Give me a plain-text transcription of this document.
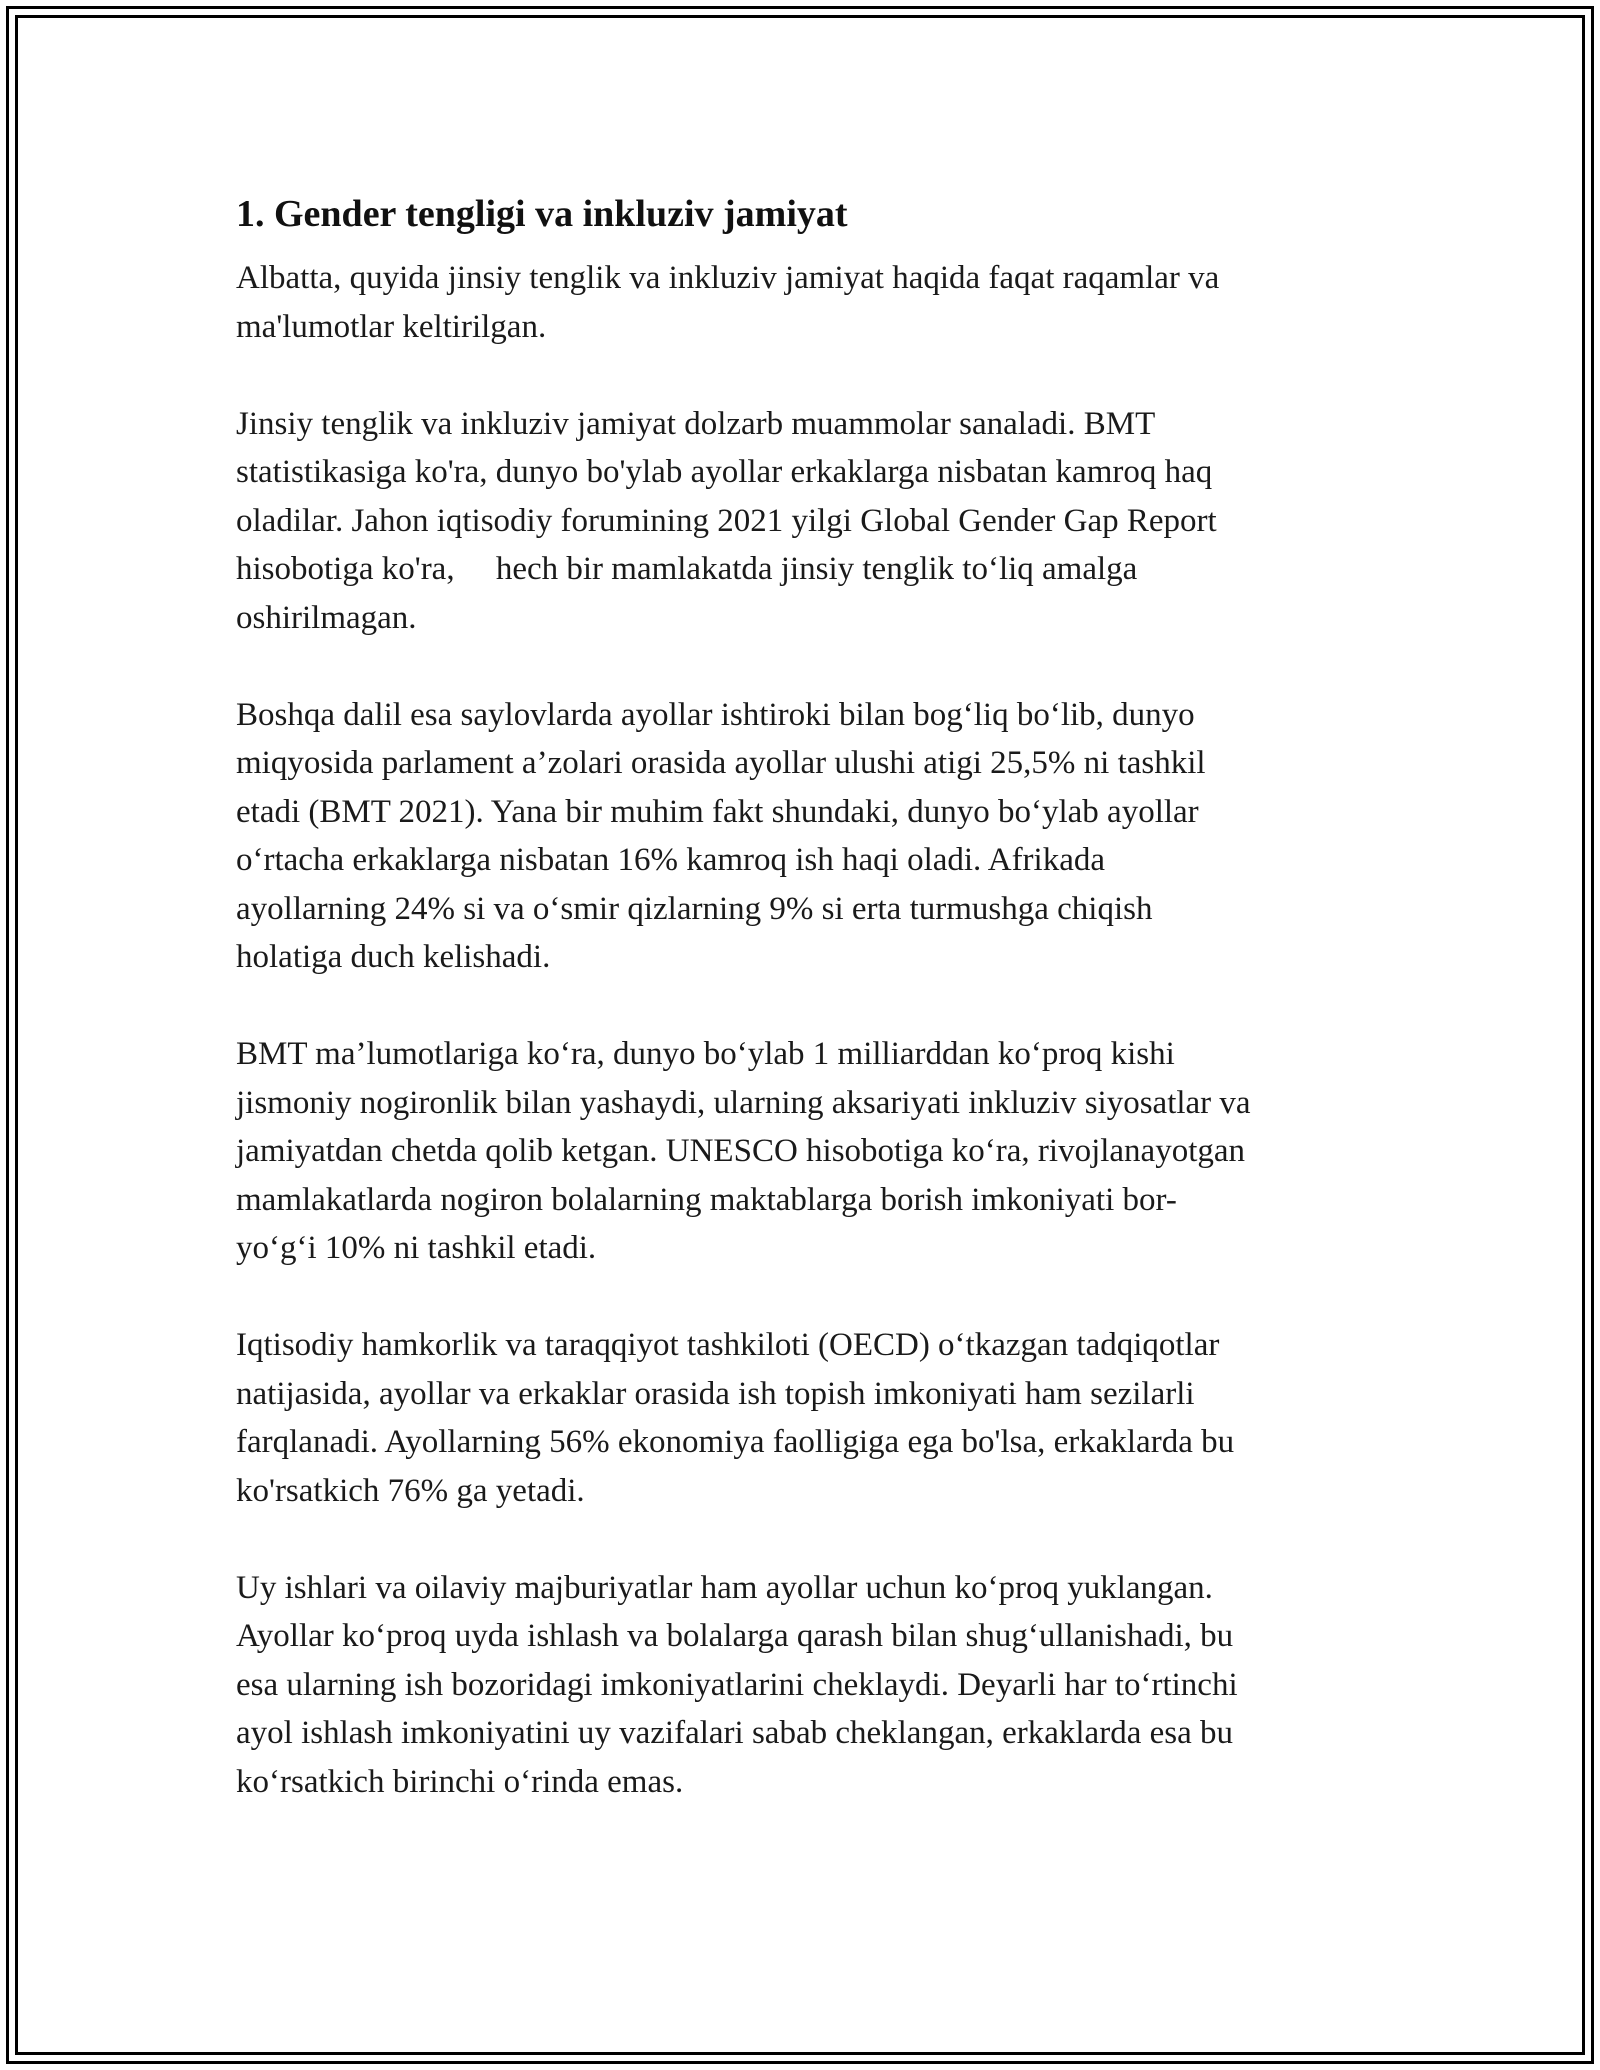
1. Gender tengligi va inkluziv jamiyat

Albatta, quyida jinsiy tenglik va inkluziv jamiyat haqida faqat raqamlar va
ma'lumotlar keltirilgan.

Jinsiy tenglik va inkluziv jamiyat dolzarb muammolar sanaladi. BMT
statistikasiga ko'ra, dunyo bo'ylab ayollar erkaklarga nisbatan kamroq haq
oladilar. Jahon iqtisodiy forumining 2021 yilgi Global Gender Gap Report
hisobotiga ko'ra,     hech bir mamlakatda jinsiy tenglik to‘liq amalga
oshirilmagan.

Boshqa dalil esa saylovlarda ayollar ishtiroki bilan bog‘liq bo‘lib, dunyo
miqyosida parlament a’zolari orasida ayollar ulushi atigi 25,5% ni tashkil
etadi (BMT 2021). Yana bir muhim fakt shundaki, dunyo bo‘ylab ayollar
o‘rtacha erkaklarga nisbatan 16% kamroq ish haqi oladi. Afrikada
ayollarning 24% si va o‘smir qizlarning 9% si erta turmushga chiqish
holatiga duch kelishadi.

BMT ma’lumotlariga ko‘ra, dunyo bo‘ylab 1 milliarddan ko‘proq kishi
jismoniy nogironlik bilan yashaydi, ularning aksariyati inkluziv siyosatlar va
jamiyatdan chetda qolib ketgan. UNESCO hisobotiga ko‘ra, rivojlanayotgan
mamlakatlarda nogiron bolalarning maktablarga borish imkoniyati bor-
yo‘g‘i 10% ni tashkil etadi.

Iqtisodiy hamkorlik va taraqqiyot tashkiloti (OECD) o‘tkazgan tadqiqotlar
natijasida, ayollar va erkaklar orasida ish topish imkoniyati ham sezilarli
farqlanadi. Ayollarning 56% ekonomiya faolligiga ega bo'lsa, erkaklarda bu
ko'rsatkich 76% ga yetadi.

Uy ishlari va oilaviy majburiyatlar ham ayollar uchun ko‘proq yuklangan.
Ayollar ko‘proq uyda ishlash va bolalarga qarash bilan shug‘ullanishadi, bu
esa ularning ish bozoridagi imkoniyatlarini cheklaydi. Deyarli har to‘rtinchi
ayol ishlash imkoniyatini uy vazifalari sabab cheklangan, erkaklarda esa bu
ko‘rsatkich birinchi o‘rinda emas.
